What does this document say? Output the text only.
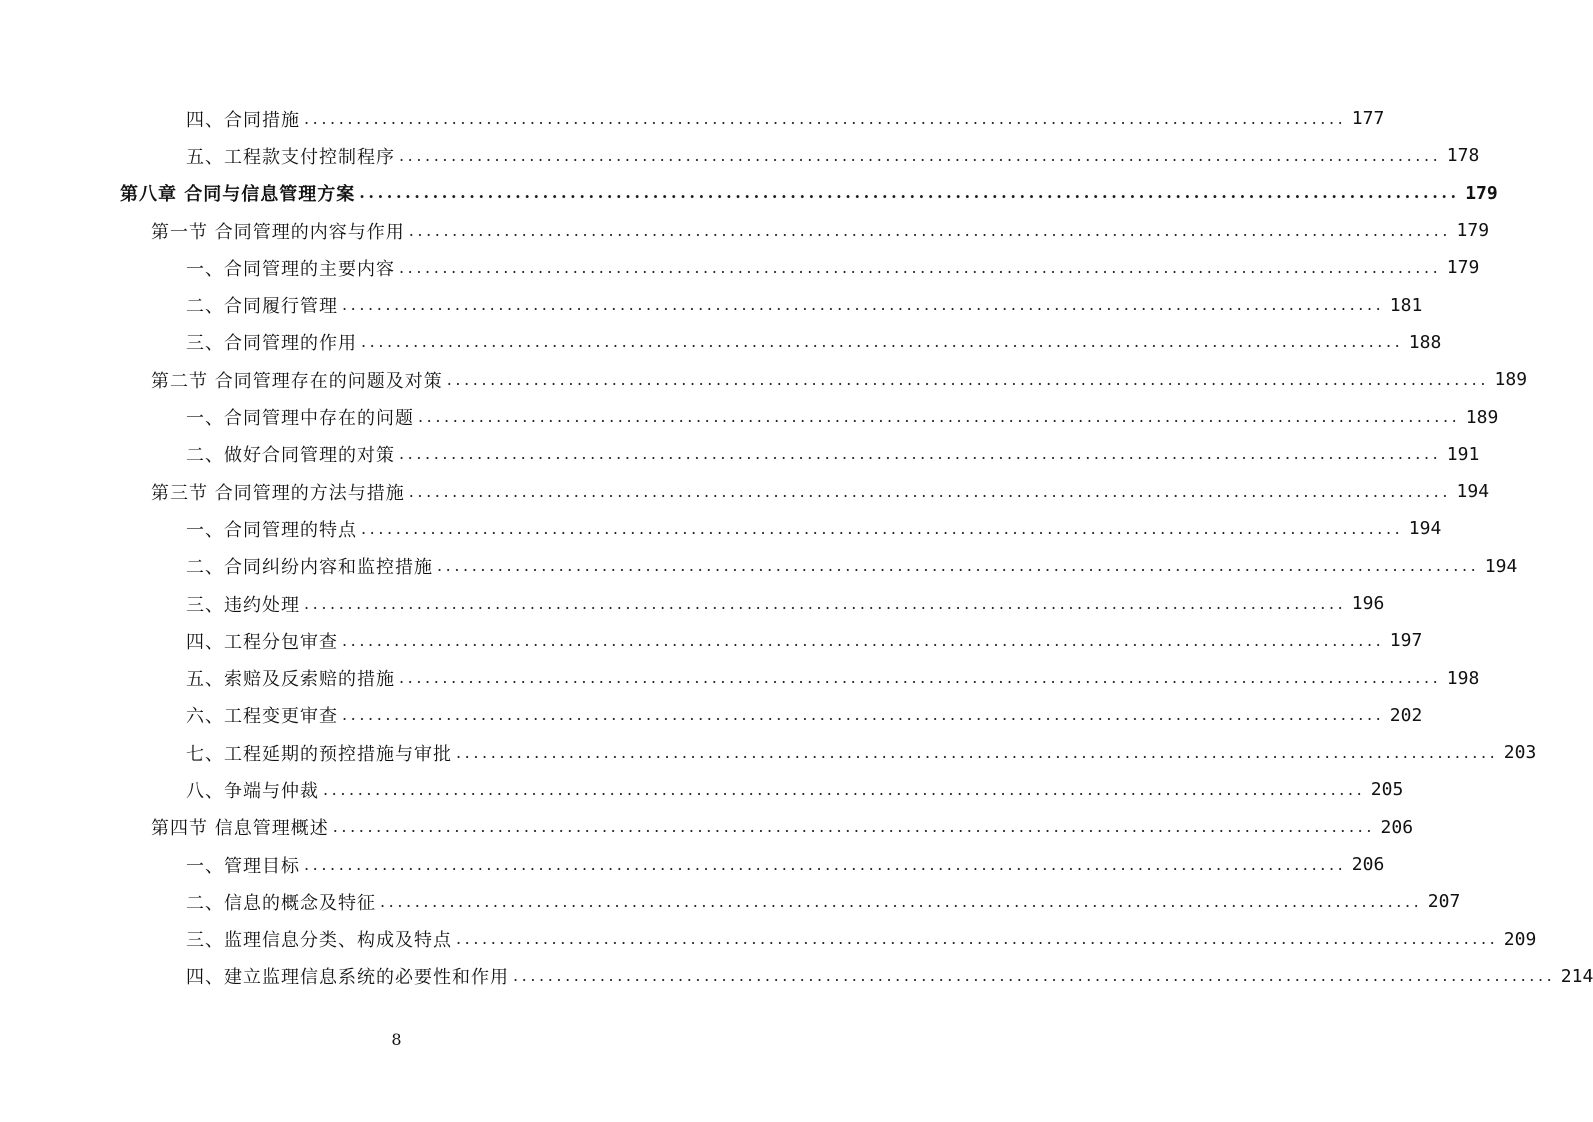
四、合同措施 ........................................................................................................................ 177
五、工程款支付控制程序 ........................................................................................................................ 178
第八章 合同与信息管理方案 ........................................................................................................................ 179
第一节 合同管理的内容与作用 ........................................................................................................................ 179
一、合同管理的主要内容 ........................................................................................................................ 179
二、合同履行管理 ........................................................................................................................ 181
三、合同管理的作用 ........................................................................................................................ 188
第二节 合同管理存在的问题及对策 ........................................................................................................................ 189
一、合同管理中存在的问题 ........................................................................................................................ 189
二、做好合同管理的对策 ........................................................................................................................ 191
第三节 合同管理的方法与措施 ........................................................................................................................ 194
一、合同管理的特点 ........................................................................................................................ 194
二、合同纠纷内容和监控措施 ........................................................................................................................ 194
三、违约处理 ........................................................................................................................ 196
四、工程分包审查 ........................................................................................................................ 197
五、索赔及反索赔的措施 ........................................................................................................................ 198
六、工程变更审查 ........................................................................................................................ 202
七、工程延期的预控措施与审批 ........................................................................................................................ 203
八、争端与仲裁 ........................................................................................................................ 205
第四节 信息管理概述 ........................................................................................................................ 206
一、管理目标 ........................................................................................................................ 206
二、信息的概念及特征 ........................................................................................................................ 207
三、监理信息分类、构成及特点 ........................................................................................................................ 209
四、建立监理信息系统的必要性和作用 ........................................................................................................................ 214
8
